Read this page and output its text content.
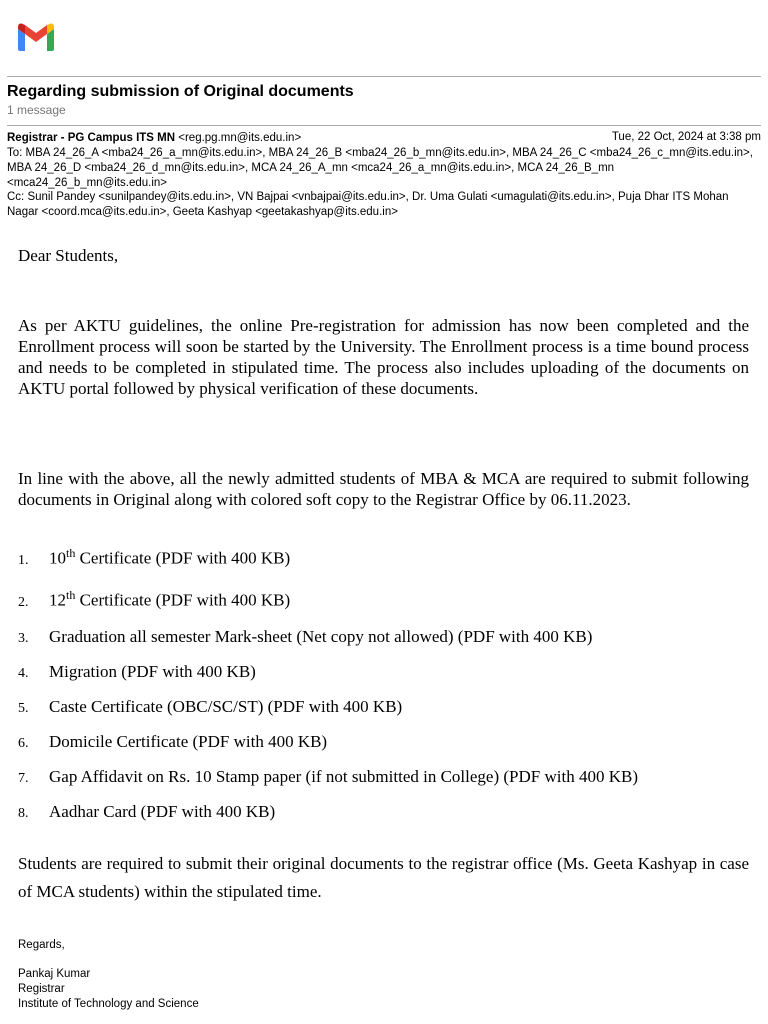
Regarding submission of Original documents
1 message
Registrar - PG Campus ITS MN <reg.pg.mn@its.edu.in>	Tue, 22 Oct, 2024 at 3:38 pm
To: MBA 24_26_A <mba24_26_a_mn@its.edu.in>, MBA 24_26_B <mba24_26_b_mn@its.edu.in>, MBA 24_26_C <mba24_26_c_mn@its.edu.in>, MBA 24_26_D <mba24_26_d_mn@its.edu.in>, MCA 24_26_A_mn <mca24_26_a_mn@its.edu.in>, MCA 24_26_B_mn <mca24_26_b_mn@its.edu.in>
Cc: Sunil Pandey <sunilpandey@its.edu.in>, VN Bajpai <vnbajpai@its.edu.in>, Dr. Uma Gulati <umagulati@its.edu.in>, Puja Dhar ITS Mohan Nagar <coord.mca@its.edu.in>, Geeta Kashyap <geetakashyap@its.edu.in>
Dear Students,
As per AKTU guidelines, the online Pre-registration for admission has now been completed and the Enrollment process will soon be started by the University. The Enrollment process is a time bound process and needs to be completed in stipulated time. The process also includes uploading of the documents on AKTU portal followed by physical verification of these documents.
In line with the above, all the newly admitted students of MBA & MCA are required to submit following documents in Original along with colored soft copy to the Registrar Office by 06.11.2023.
1. 10th Certificate (PDF with 400 KB)
2. 12th Certificate (PDF with 400 KB)
3. Graduation all semester Mark-sheet (Net copy not allowed) (PDF with 400 KB)
4. Migration (PDF with 400 KB)
5. Caste Certificate (OBC/SC/ST) (PDF with 400 KB)
6. Domicile Certificate (PDF with 400 KB)
7. Gap Affidavit on Rs. 10 Stamp paper (if not submitted in College) (PDF with 400 KB)
8. Aadhar Card (PDF with 400 KB)
Students are required to submit their original documents to the registrar office (Ms. Geeta Kashyap in case of MCA students) within the stipulated time.
Regards,
Pankaj Kumar
Registrar
Institute of Technology and Science
